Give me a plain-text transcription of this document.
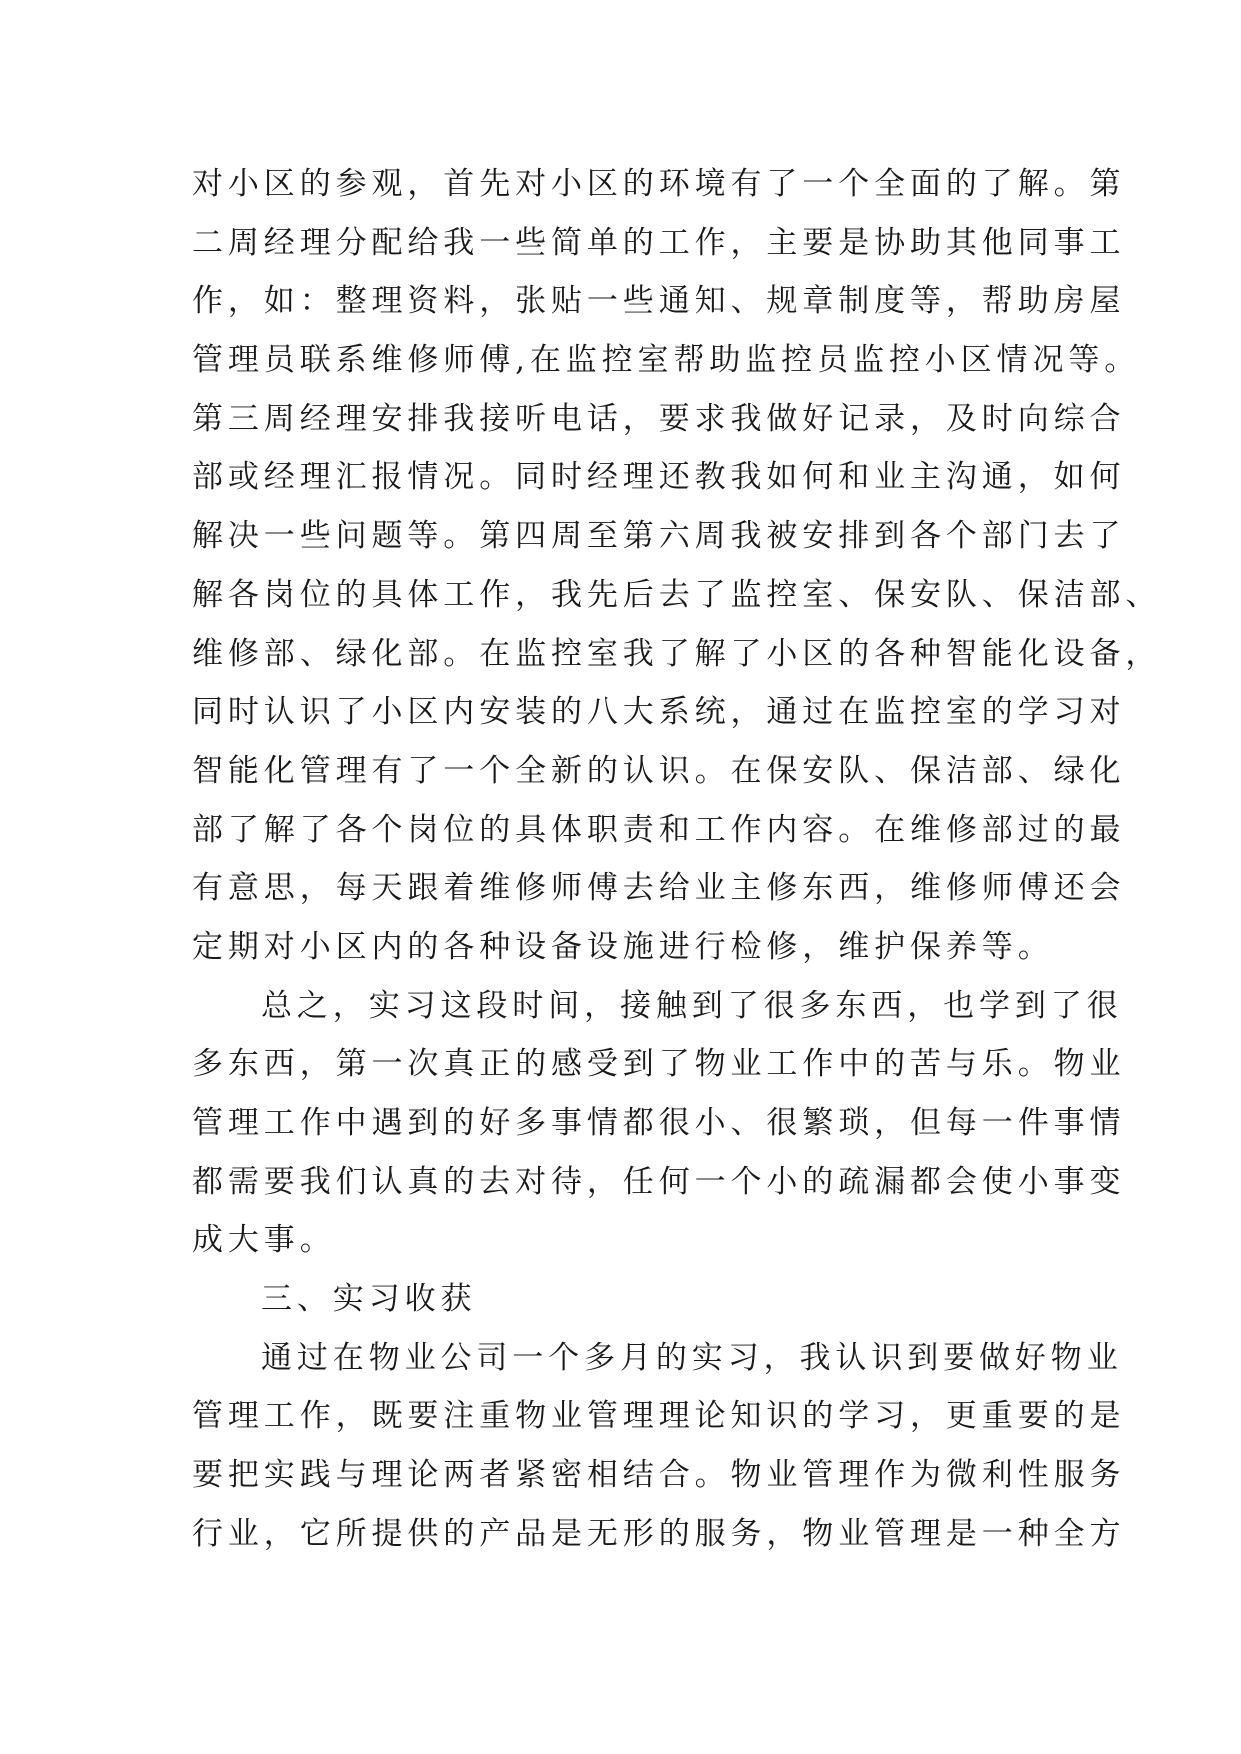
对小区的参观，首先对小区的环境有了一个全面的了解。第
二周经理分配给我一些简单的工作，主要是协助其他同事工
作，如：整理资料，张贴一些通知、规章制度等，帮助房屋
管理员联系维修师傅,在监控室帮助监控员监控小区情况等。
第三周经理安排我接听电话，要求我做好记录，及时向综合
部或经理汇报情况。同时经理还教我如何和业主沟通，如何
解决一些问题等。第四周至第六周我被安排到各个部门去了
解各岗位的具体工作，我先后去了监控室、保安队、保洁部、
维修部、绿化部。在监控室我了解了小区的各种智能化设备，
同时认识了小区内安装的八大系统，通过在监控室的学习对
智能化管理有了一个全新的认识。在保安队、保洁部、绿化
部了解了各个岗位的具体职责和工作内容。在维修部过的最
有意思，每天跟着维修师傅去给业主修东西，维修师傅还会
定期对小区内的各种设备设施进行检修，维护保养等。
总之，实习这段时间，接触到了很多东西，也学到了很
多东西，第一次真正的感受到了物业工作中的苦与乐。物业
管理工作中遇到的好多事情都很小、很繁琐，但每一件事情
都需要我们认真的去对待，任何一个小的疏漏都会使小事变
成大事。
三、实习收获
通过在物业公司一个多月的实习，我认识到要做好物业
管理工作，既要注重物业管理理论知识的学习，更重要的是
要把实践与理论两者紧密相结合。物业管理作为微利性服务
行业，它所提供的产品是无形的服务，物业管理是一种全方
